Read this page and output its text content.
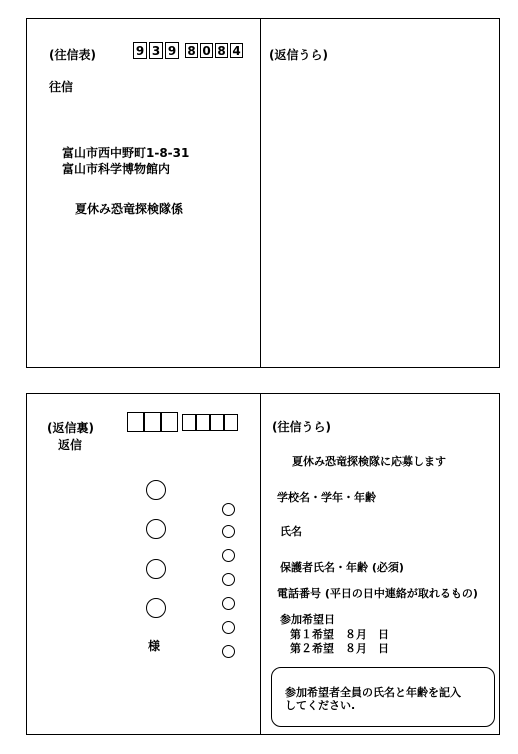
(往信表)	9 3 9 8 0 8 4
往信
富山市西中野町1-8-31
富山市科学博物館内
夏休み恐竜探検隊係
(返信うら)
(返信裏)
返信
様
(往信うら)
夏休み恐竜探検隊に応募します
学校名・学年・年齢
氏名
保護者氏名・年齢 (必須)
電話番号 (平日の日中連絡が取れるもの)
参加希望日
第１希望　８月　日
第２希望　８月　日
参加希望者全員の氏名と年齢を記入
してください.
